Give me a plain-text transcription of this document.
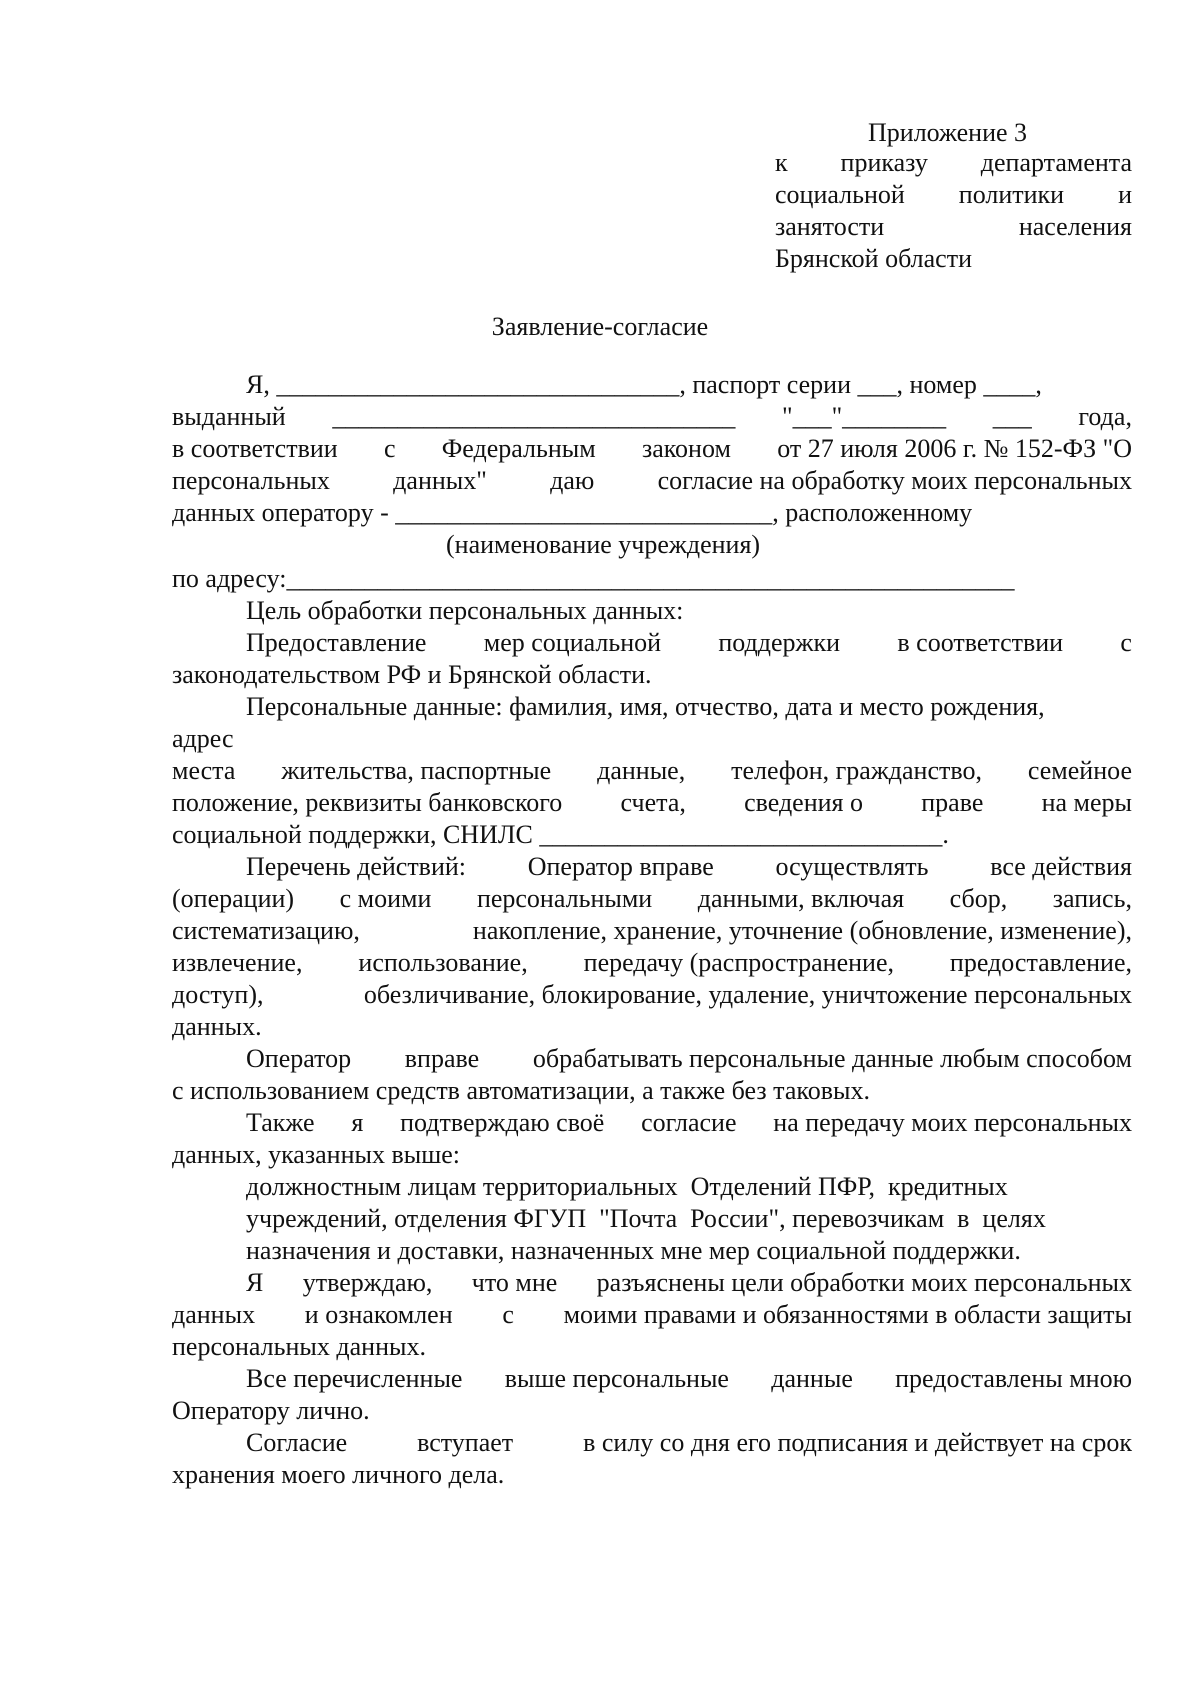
Приложение 3
к приказу департамента
социальной политики и
занятости	населения
Брянской области
Заявление-согласие
Я, _______________________________, паспорт серии ___, номер ____,
выданный _______________________________ "___"________ ___ года,
в соответствии с Федеральным законом от 27 июля 2006 г. № 152-ФЗ "О
персональных данных" даю согласие на обработку моих персональных
данных оператору - _____________________________, расположенному
(наименование учреждения)
по адресу:________________________________________________________
Цель обработки персональных данных:
Предоставление мер социальной поддержки в соответствии с
законодательством РФ и Брянской области.
Персональные данные: фамилия, имя, отчество, дата и место рождения,
адрес
места жительства, паспортные данные, телефон, гражданство, семейное
положение, реквизиты банковского счета, сведения о праве на меры
социальной поддержки, СНИЛС _______________________________.
Перечень действий: Оператор вправе осуществлять все действия
(операции) с моими персональными данными, включая сбор, запись,
систематизацию,	накопление, хранение, уточнение (обновление, изменение),
извлечение, использование, передачу (распространение, предоставление,
доступ),	обезличивание, блокирование, удаление, уничтожение персональных
данных.
Оператор вправе обрабатывать персональные данные любым способом
с использованием средств автоматизации, а также без таковых.
Также я подтверждаю своё согласие на передачу моих персональных
данных, указанных выше:
должностным лицам территориальных  Отделений ПФР,  кредитных
учреждений, отделения ФГУП  "Почта  России", перевозчикам  в  целях
назначения и доставки, назначенных мне мер социальной поддержки.
Я утверждаю, что мне разъяснены цели обработки моих персональных
данных и ознакомлен с моими правами и обязанностями в области защиты
персональных данных.
Все перечисленные выше персональные данные предоставлены мною
Оператору лично.
Согласие	вступает	в силу со дня его подписания и действует на срок
хранения моего личного дела.
